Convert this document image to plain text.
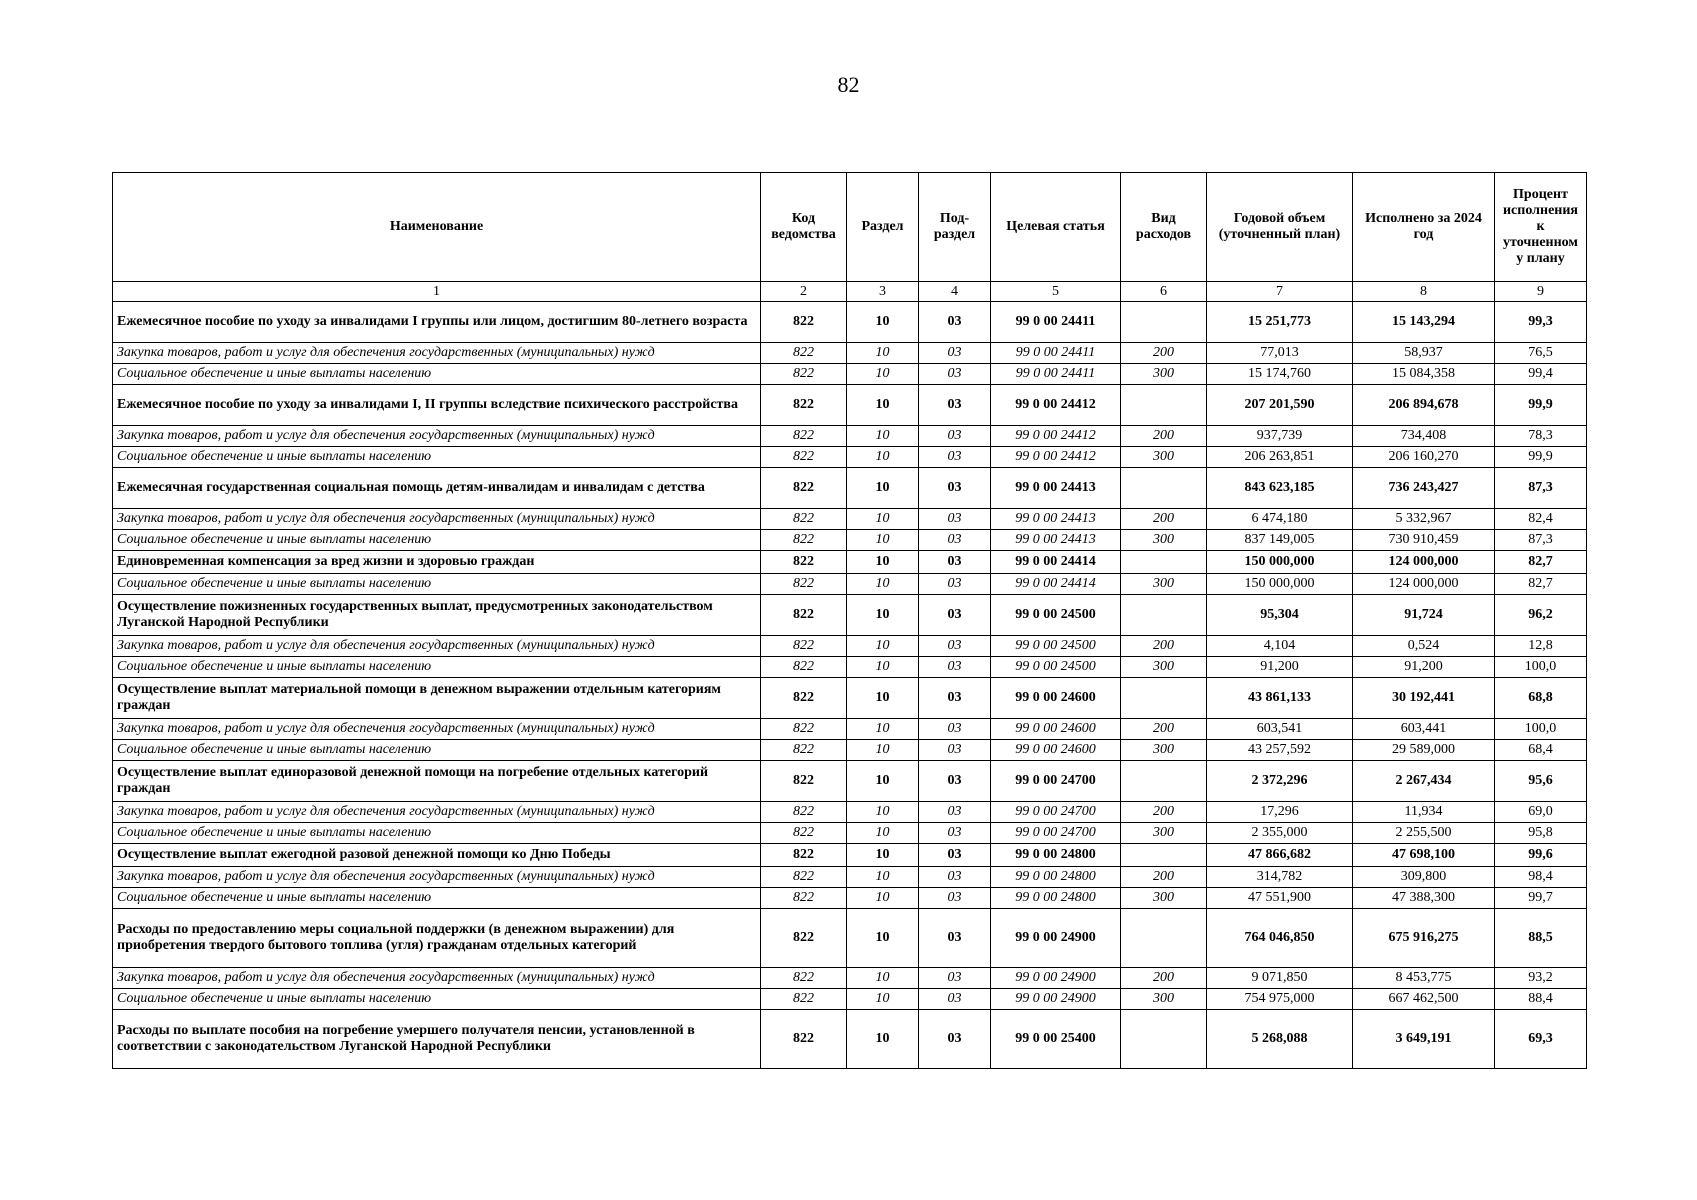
82
Наименование	Код ведомства	Раздел	Под-раздел	Целевая статья	Вид расходов	Годовой объем (уточненный план)	Исполнено за 2024 год	Процент исполнения к уточненном у плану
1	2	3	4	5	6	7	8	9
Ежемесячное пособие по уходу за инвалидами I группы или лицом, достигшим 80-летнего возраста	822	10	03	99 0 00 24411		15 251,773	15 143,294	99,3
Закупка товаров, работ и услуг для обеспечения государственных (муниципальных) нужд	822	10	03	99 0 00 24411	200	77,013	58,937	76,5
Социальное обеспечение и иные выплаты населению	822	10	03	99 0 00 24411	300	15 174,760	15 084,358	99,4
Ежемесячное пособие по уходу за инвалидами I, II группы вследствие психического расстройства	822	10	03	99 0 00 24412		207 201,590	206 894,678	99,9
Закупка товаров, работ и услуг для обеспечения государственных (муниципальных) нужд	822	10	03	99 0 00 24412	200	937,739	734,408	78,3
Социальное обеспечение и иные выплаты населению	822	10	03	99 0 00 24412	300	206 263,851	206 160,270	99,9
Ежемесячная государственная социальная помощь детям-инвалидам и инвалидам с детства	822	10	03	99 0 00 24413		843 623,185	736 243,427	87,3
Закупка товаров, работ и услуг для обеспечения государственных (муниципальных) нужд	822	10	03	99 0 00 24413	200	6 474,180	5 332,967	82,4
Социальное обеспечение и иные выплаты населению	822	10	03	99 0 00 24413	300	837 149,005	730 910,459	87,3
Единовременная компенсация за вред жизни и здоровью граждан	822	10	03	99 0 00 24414		150 000,000	124 000,000	82,7
Социальное обеспечение и иные выплаты населению	822	10	03	99 0 00 24414	300	150 000,000	124 000,000	82,7
Осуществление пожизненных государственных выплат, предусмотренных законодательством Луганской Народной Республики	822	10	03	99 0 00 24500		95,304	91,724	96,2
Закупка товаров, работ и услуг для обеспечения государственных (муниципальных) нужд	822	10	03	99 0 00 24500	200	4,104	0,524	12,8
Социальное обеспечение и иные выплаты населению	822	10	03	99 0 00 24500	300	91,200	91,200	100,0
Осуществление выплат материальной помощи в денежном выражении отдельным категориям граждан	822	10	03	99 0 00 24600		43 861,133	30 192,441	68,8
Закупка товаров, работ и услуг для обеспечения государственных (муниципальных) нужд	822	10	03	99 0 00 24600	200	603,541	603,441	100,0
Социальное обеспечение и иные выплаты населению	822	10	03	99 0 00 24600	300	43 257,592	29 589,000	68,4
Осуществление выплат единоразовой денежной помощи на погребение отдельных категорий граждан	822	10	03	99 0 00 24700		2 372,296	2 267,434	95,6
Закупка товаров, работ и услуг для обеспечения государственных (муниципальных) нужд	822	10	03	99 0 00 24700	200	17,296	11,934	69,0
Социальное обеспечение и иные выплаты населению	822	10	03	99 0 00 24700	300	2 355,000	2 255,500	95,8
Осуществление выплат ежегодной разовой денежной помощи ко Дню Победы	822	10	03	99 0 00 24800		47 866,682	47 698,100	99,6
Закупка товаров, работ и услуг для обеспечения государственных (муниципальных) нужд	822	10	03	99 0 00 24800	200	314,782	309,800	98,4
Социальное обеспечение и иные выплаты населению	822	10	03	99 0 00 24800	300	47 551,900	47 388,300	99,7
Расходы по предоставлению меры социальной поддержки (в денежном выражении) для приобретения твердого бытового топлива (угля) гражданам отдельных категорий	822	10	03	99 0 00 24900		764 046,850	675 916,275	88,5
Закупка товаров, работ и услуг для обеспечения государственных (муниципальных) нужд	822	10	03	99 0 00 24900	200	9 071,850	8 453,775	93,2
Социальное обеспечение и иные выплаты населению	822	10	03	99 0 00 24900	300	754 975,000	667 462,500	88,4
Расходы по выплате пособия на погребение умершего получателя пенсии, установленной в соответствии с законодательством Луганской Народной Республики	822	10	03	99 0 00 25400		5 268,088	3 649,191	69,3
